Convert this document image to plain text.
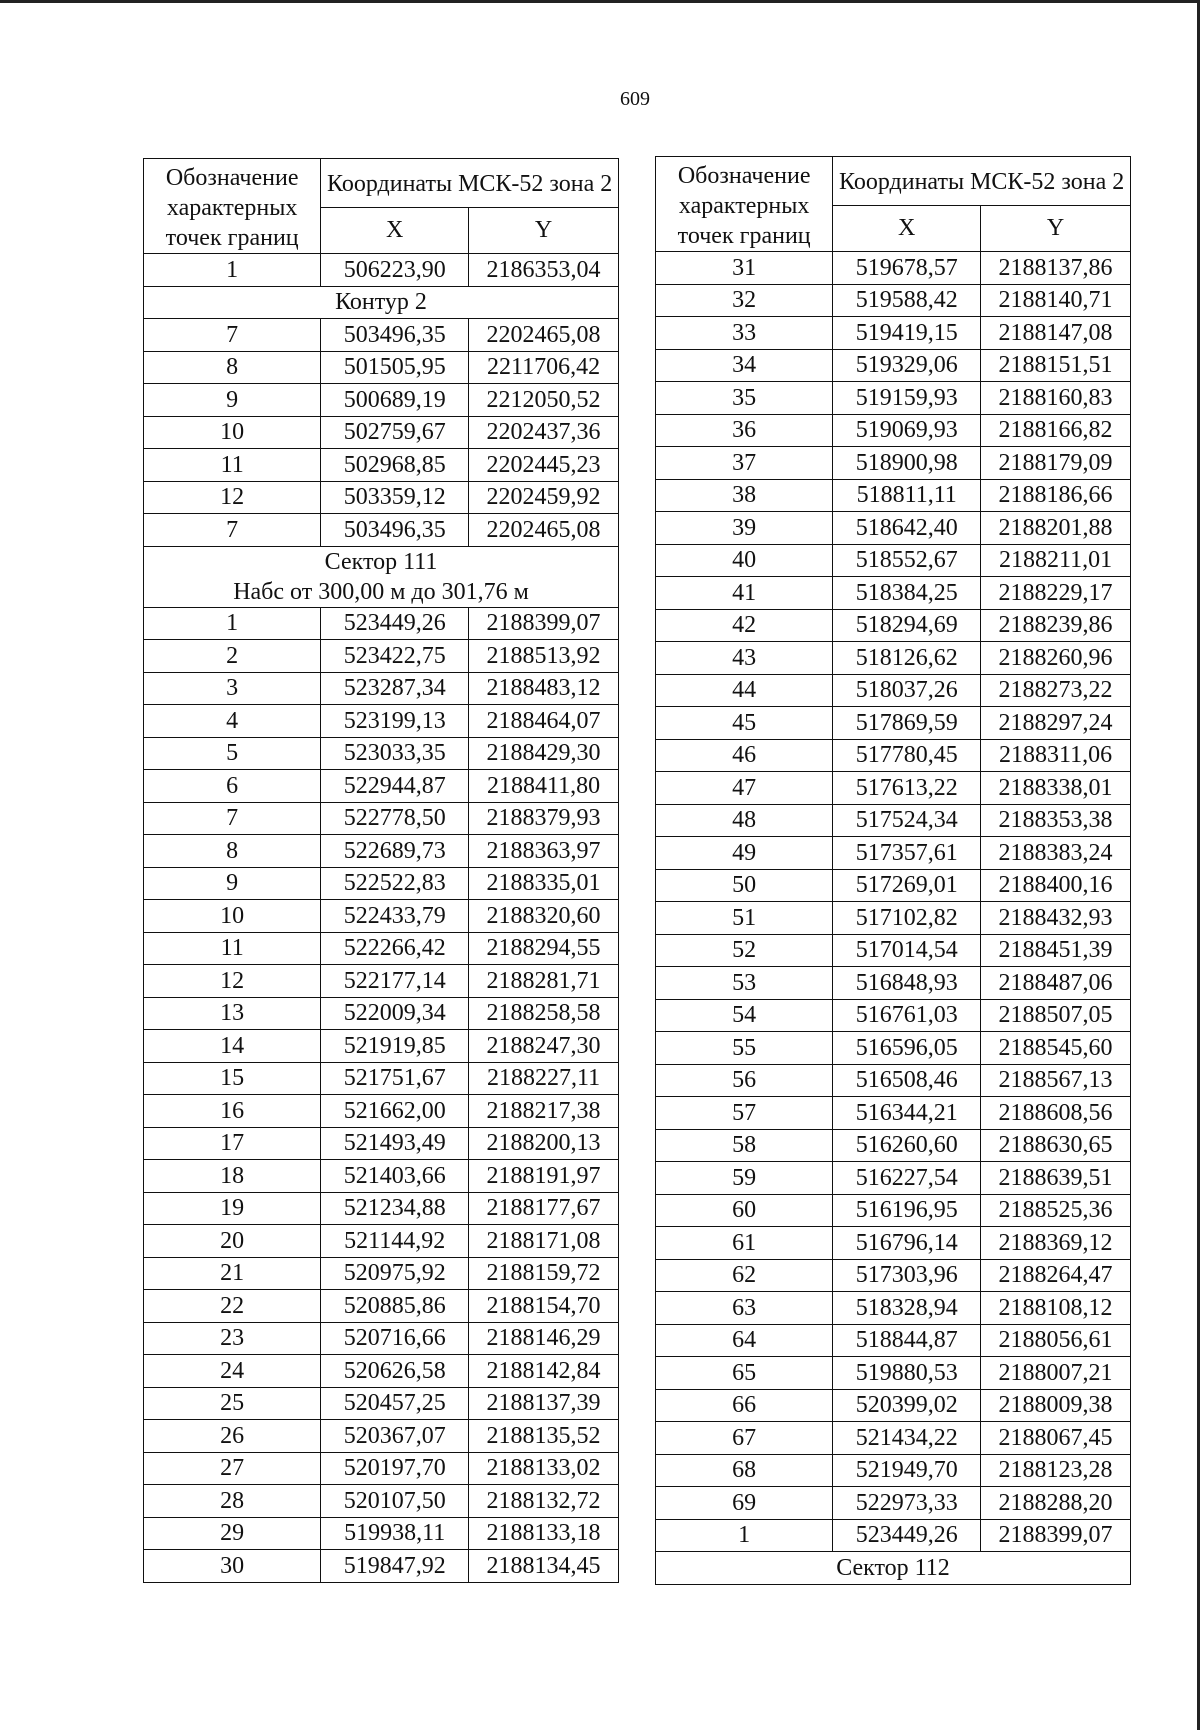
609
Обозначение характерных точек границ	Координаты МСК-52 зона 2	
	X	Y
1	506223,90	2186353,04

Контур 2		

7	503496,35	2202465,08
8	501505,95	2211706,42
9	500689,19	2212050,52
10	502759,67	2202437,36
11	502968,85	2202445,23
12	503359,12	2202459,92
7	503496,35	2202465,08

Сектор 111
Набс от 300,00 м до 301,76 м		

1	523449,26	2188399,07
2	523422,75	2188513,92
3	523287,34	2188483,12
4	523199,13	2188464,07
5	523033,35	2188429,30
6	522944,87	2188411,80
7	522778,50	2188379,93
8	522689,73	2188363,97
9	522522,83	2188335,01
10	522433,79	2188320,60
11	522266,42	2188294,55
12	522177,14	2188281,71
13	522009,34	2188258,58
14	521919,85	2188247,30
15	521751,67	2188227,11
16	521662,00	2188217,38
17	521493,49	2188200,13
18	521403,66	2188191,97
19	521234,88	2188177,67
20	521144,92	2188171,08
21	520975,92	2188159,72
22	520885,86	2188154,70
23	520716,66	2188146,29
24	520626,58	2188142,84
25	520457,25	2188137,39
26	520367,07	2188135,52
27	520197,70	2188133,02
28	520107,50	2188132,72
29	519938,11	2188133,18
30	519847,92	2188134,45
Обозначение характерных точек границ	Координаты МСК-52 зона 2	
	X	Y
31	519678,57	2188137,86
32	519588,42	2188140,71
33	519419,15	2188147,08
34	519329,06	2188151,51
35	519159,93	2188160,83
36	519069,93	2188166,82
37	518900,98	2188179,09
38	518811,11	2188186,66
39	518642,40	2188201,88
40	518552,67	2188211,01
41	518384,25	2188229,17
42	518294,69	2188239,86
43	518126,62	2188260,96
44	518037,26	2188273,22
45	517869,59	2188297,24
46	517780,45	2188311,06
47	517613,22	2188338,01
48	517524,34	2188353,38
49	517357,61	2188383,24
50	517269,01	2188400,16
51	517102,82	2188432,93
52	517014,54	2188451,39
53	516848,93	2188487,06
54	516761,03	2188507,05
55	516596,05	2188545,60
56	516508,46	2188567,13
57	516344,21	2188608,56
58	516260,60	2188630,65
59	516227,54	2188639,51
60	516196,95	2188525,36
61	516796,14	2188369,12
62	517303,96	2188264,47
63	518328,94	2188108,12
64	518844,87	2188056,61
65	519880,53	2188007,21
66	520399,02	2188009,38
67	521434,22	2188067,45
68	521949,70	2188123,28
69	522973,33	2188288,20
1	523449,26	2188399,07

Сектор 112		
